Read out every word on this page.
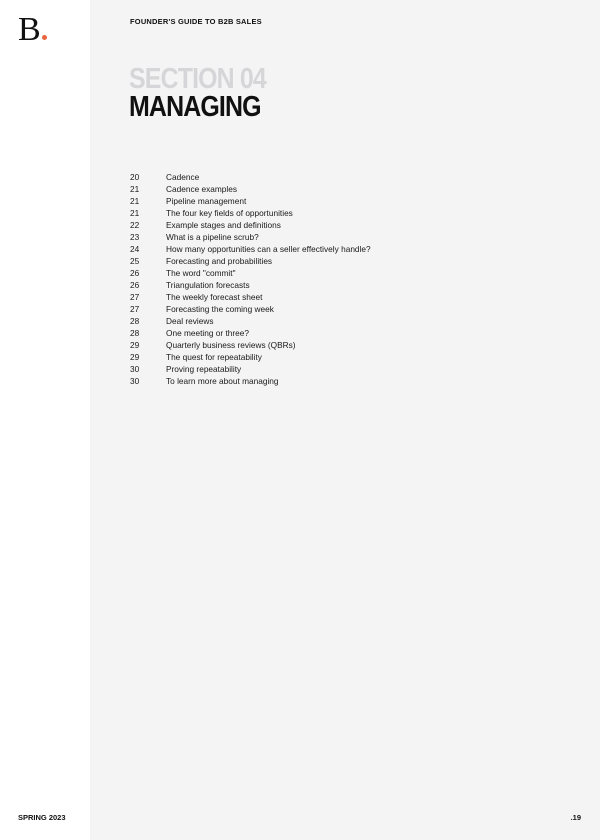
B	FOUNDER'S GUIDE TO B2B SALES
SECTION 04
MANAGING
20	Cadence
21	Cadence examples
21	Pipeline management
21	The four key fields of opportunities
22	Example stages and definitions
23	What is a pipeline scrub?
24	How many opportunities can a seller effectively handle?
25	Forecasting and probabilities
26	The word "commit"
26	Triangulation forecasts
27	The weekly forecast sheet
27	Forecasting the coming week
28	Deal reviews
28	One meeting or three?
29	Quarterly business reviews (QBRs)
29	The quest for repeatability
30	Proving repeatability
30	To learn more about managing
SPRING 2023	.19
